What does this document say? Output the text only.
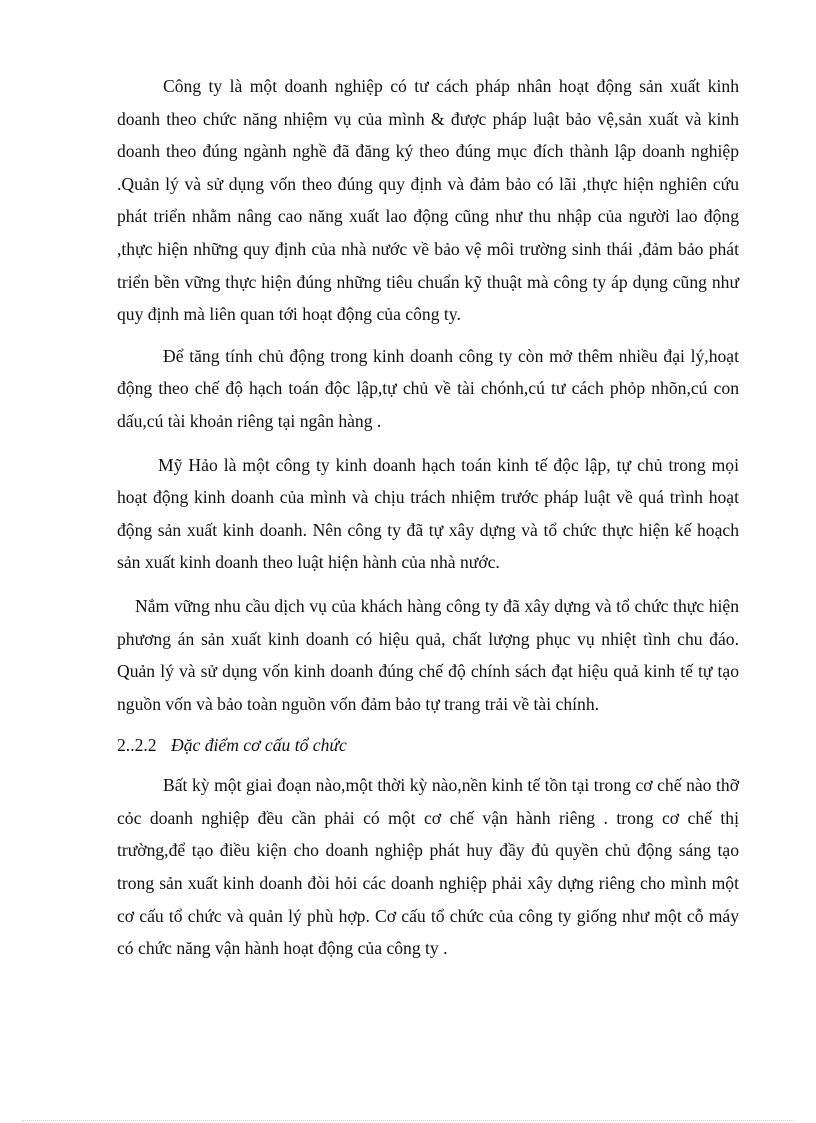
Công ty là một doanh nghiệp có tư cách pháp nhân hoạt động sản xuất kinh doanh theo chức năng nhiệm vụ của mình & được pháp luật bảo vệ,sản xuất và kinh doanh theo đúng ngành nghề đã đăng ký theo đúng mục đích thành lập doanh nghiệp .Quản lý và sử dụng vốn theo đúng quy định và đảm bảo có lãi ,thực hiện nghiên cứu phát triển nhằm nâng cao năng xuất lao động cũng như thu nhập của người lao động ,thực hiện những quy định của nhà nước về bảo vệ môi trường sinh thái ,đảm bảo phát triển bền vững thực hiện đúng những tiêu chuẩn kỹ thuật mà công ty áp dụng cũng như quy định mà liên quan tới hoạt động của công ty.

Để tăng tính chủ động trong kinh doanh công ty còn mở thêm nhiều đại lý,hoạt động theo chế độ hạch toán độc lập,tự chủ về tài chónh,cú tư cách phỏp nhõn,cú con dấu,cú tài khoản riêng tại ngân hàng .

Mỹ Hảo là một công ty kinh doanh hạch toán kinh tế độc lập, tự chủ trong mọi hoạt động kinh doanh của mình và chịu trách nhiệm trước pháp luật về quá trình hoạt động sản xuất kinh doanh. Nên công ty đã tự xây dựng và tổ chức thực hiện kế hoạch sản xuất kinh doanh theo luật hiện hành của nhà nước.

Nắm vững nhu cầu dịch vụ của khách hàng công ty đã xây dựng và tổ chức thực hiện phương án sản xuất kinh doanh có hiệu quả, chất lượng phục vụ nhiệt tình chu đáo. Quản lý và sử dụng vốn kinh doanh đúng chế độ chính sách đạt hiệu quả kinh tế tự tạo nguồn vốn và bảo toàn nguồn vốn đảm bảo tự trang trải về tài chính.

2..2.2 Đặc điểm cơ cấu tổ chức

Bất kỳ một giai đoạn nào,một thời kỳ nào,nền kinh tế tồn tại trong cơ chế nào thỡ cỏc doanh nghiệp đều cần phải có một cơ chế vận hành riêng . trong cơ chế thị trường,để tạo điều kiện cho doanh nghiệp phát huy đầy đủ quyền chủ động sáng tạo trong sản xuất kinh doanh đòi hỏi các doanh nghiệp phải xây dựng riêng cho mình một cơ cấu tổ chức và quản lý phù hợp. Cơ cấu tổ chức của công ty giống như một cỗ máy có chức năng vận hành hoạt động của công ty .
